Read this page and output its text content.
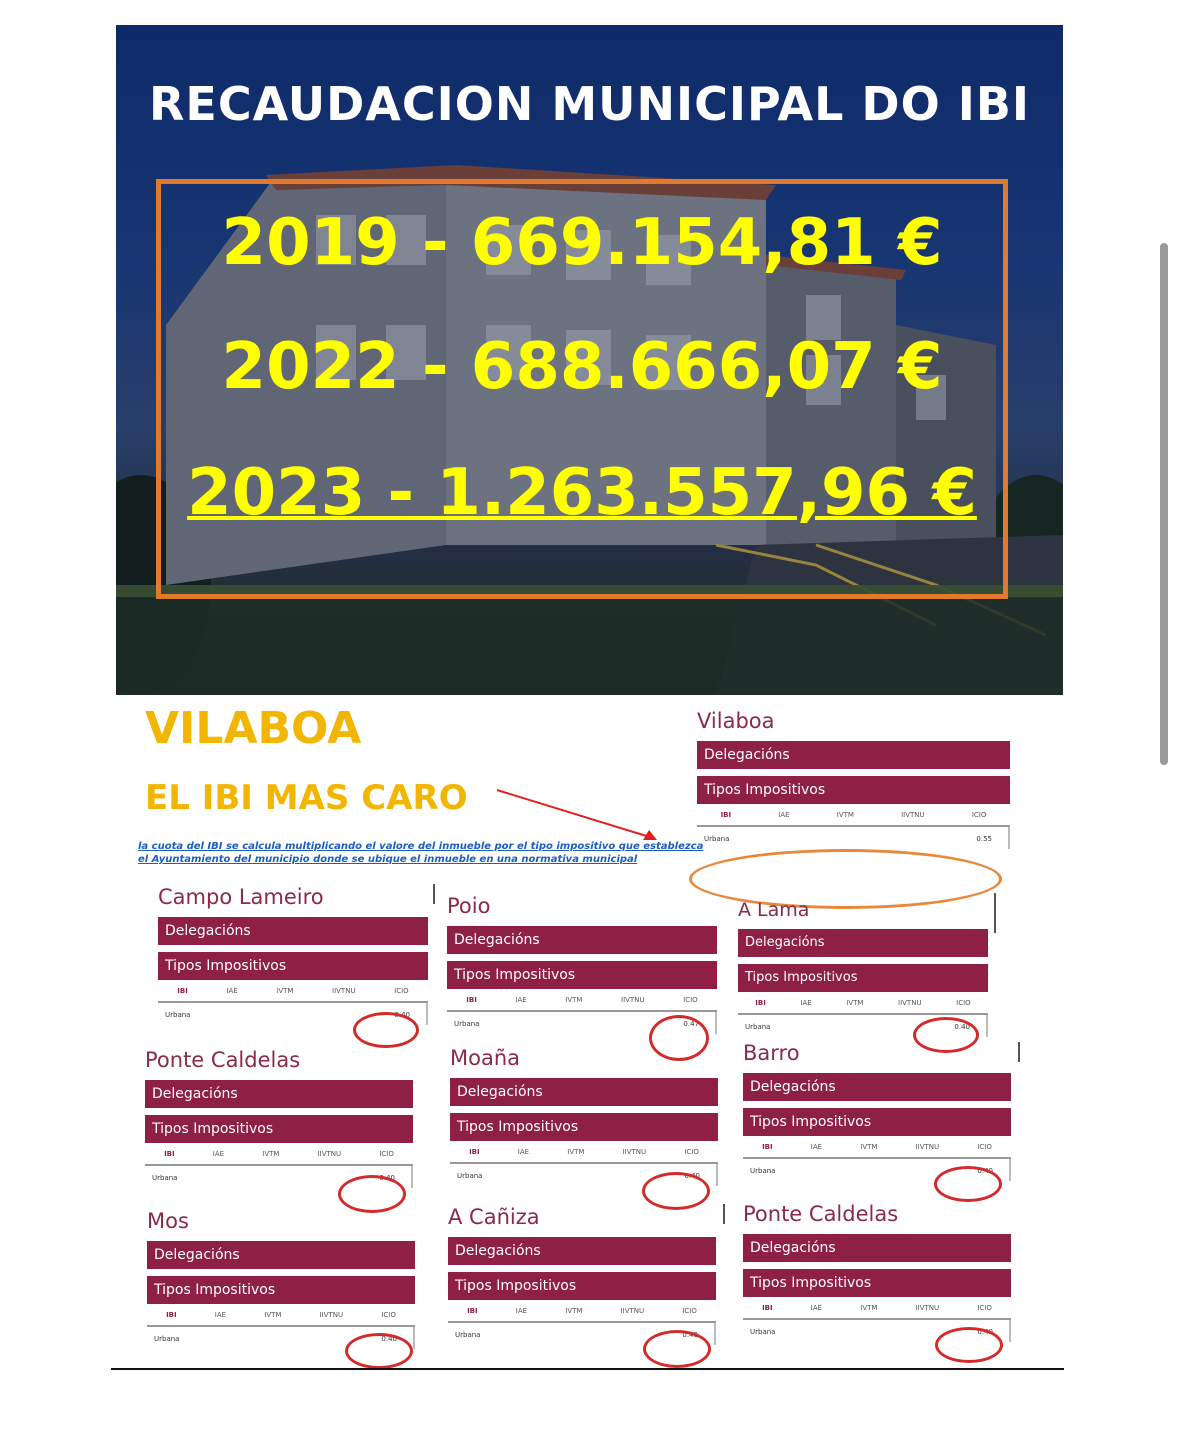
RECAUDACION MUNICIPAL DO IBI
2019 - 669.154,81 €
2022 - 688.666,07 €
2023 - 1.263.557,96 €
VILABOA
EL IBI MAS CARO
la cuota del IBI se calcula multiplicando el valore del inmueble por el tipo impositivo que establezca
el Ayuntamiento del municipio donde se ubique el inmueble en una normativa municipal
Vilaboa
Delegacións
Tipos Impositivos
IBI	IAE	IVTM	IIVTNU	ICIO
Urbana	0.55
Campo Lameiro
Delegacións
Tipos Impositivos
IBI	IAE	IVTM	IIVTNU	ICIO
Urbana	0.40
Poio
Delegacións
Tipos Impositivos
IBI	IAE	IVTM	IIVTNU	ICIO
Urbana	0.47
A Lama
Delegacións
Tipos Impositivos
IBI	IAE	IVTM	IIVTNU	ICIO
Urbana	0.40
Ponte Caldelas
Delegacións
Tipos Impositivos
IBI	IAE	IVTM	IIVTNU	ICIO
Urbana	0.40
Moaña
Delegacións
Tipos Impositivos
IBI	IAE	IVTM	IIVTNU	ICIO
Urbana	0.40
Barro
Delegacións
Tipos Impositivos
IBI	IAE	IVTM	IIVTNU	ICIO
Urbana	0.40
Mos
Delegacións
Tipos Impositivos
IBI	IAE	IVTM	IIVTNU	ICIO
Urbana	0.40
A Cañiza
Delegacións
Tipos Impositivos
IBI	IAE	IVTM	IIVTNU	ICIO
Urbana	0.40
Ponte Caldelas
Delegacións
Tipos Impositivos
IBI	IAE	IVTM	IIVTNU	ICIO
Urbana	0.40
